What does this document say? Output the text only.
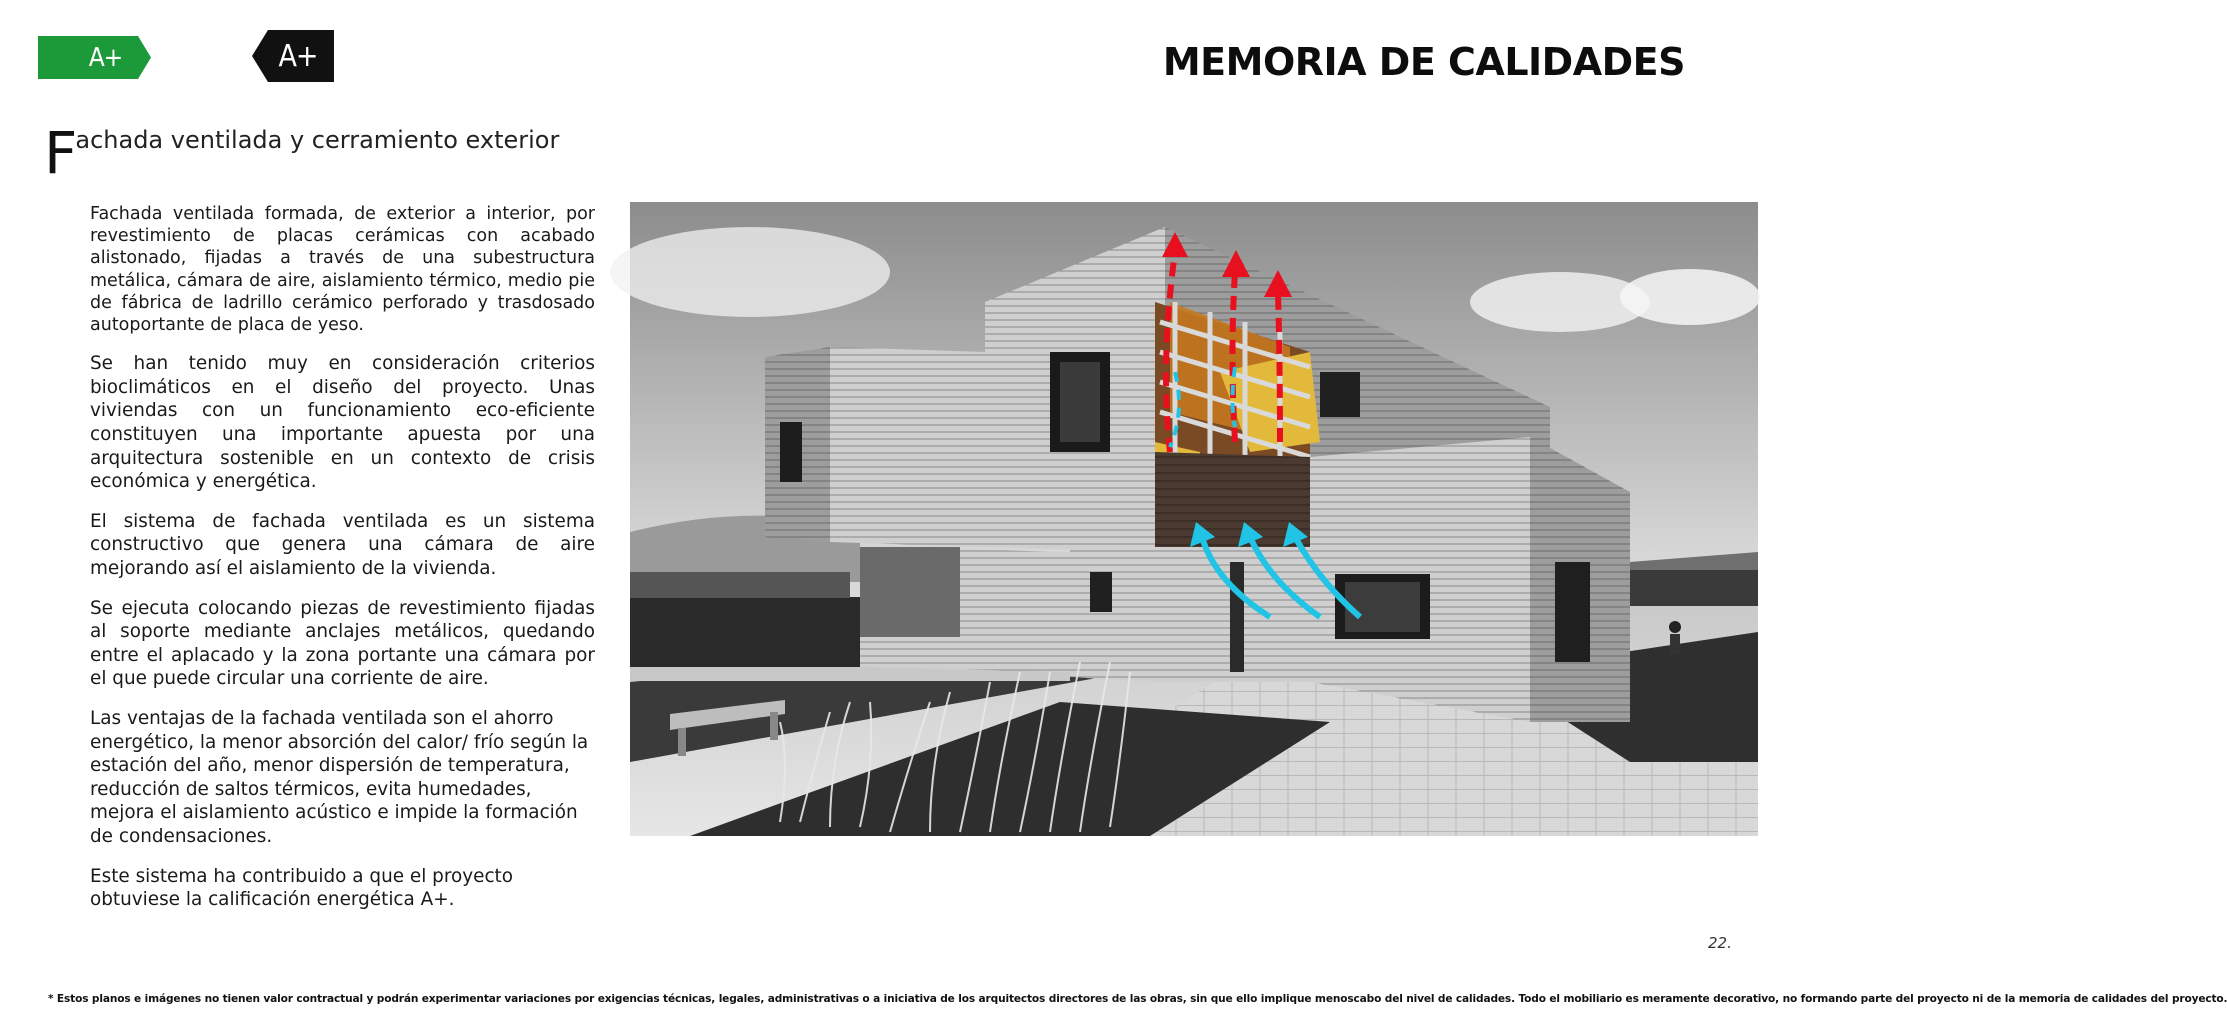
A+	A+	MEMORIA DE CALIDADES
Fachada ventilada y cerramiento exterior

Fachada ventilada formada, de exterior a interior, por revestimiento de placas cerámicas con acabado alistonado, fijadas a través de una subestructura metálica, cámara de aire, aislamiento térmico, medio pie de fábrica de ladrillo cerámico perforado y trasdosado autoportante de placa de yeso.

Se han tenido muy en consideración criterios bioclimáticos en el diseño del proyecto. Unas viviendas con un funcionamiento eco-eficiente constituyen una importante apuesta por una arquitectura sostenible en un contexto de crisis económica y energética.

El sistema de fachada ventilada es un sistema constructivo que genera una cámara de aire mejorando así el aislamiento de la vivienda.

Se ejecuta colocando piezas de revestimiento fijadas al soporte mediante anclajes metálicos, quedando entre el aplacado y la zona portante una cámara por el que puede circular una corriente de aire.

Las ventajas de la fachada ventilada son el ahorro energético, la menor absorción del calor/ frío según la estación del año, menor dispersión de temperatura, reducción de saltos térmicos, evita humedades, mejora el aislamiento acústico e impide la formación de condensaciones.

Este sistema ha contribuido a que el proyecto obtuviese la calificación energética A+.

22.
* Estos planos e imágenes no tienen valor contractual y podrán experimentar variaciones por exigencias técnicas, legales, administrativas o a iniciativa de los arquitectos directores de las obras, sin que ello implique menoscabo del nivel de calidades. Todo el mobiliario es meramente decorativo, no formando parte del proyecto ni de la memoria de calidades del proyecto.
